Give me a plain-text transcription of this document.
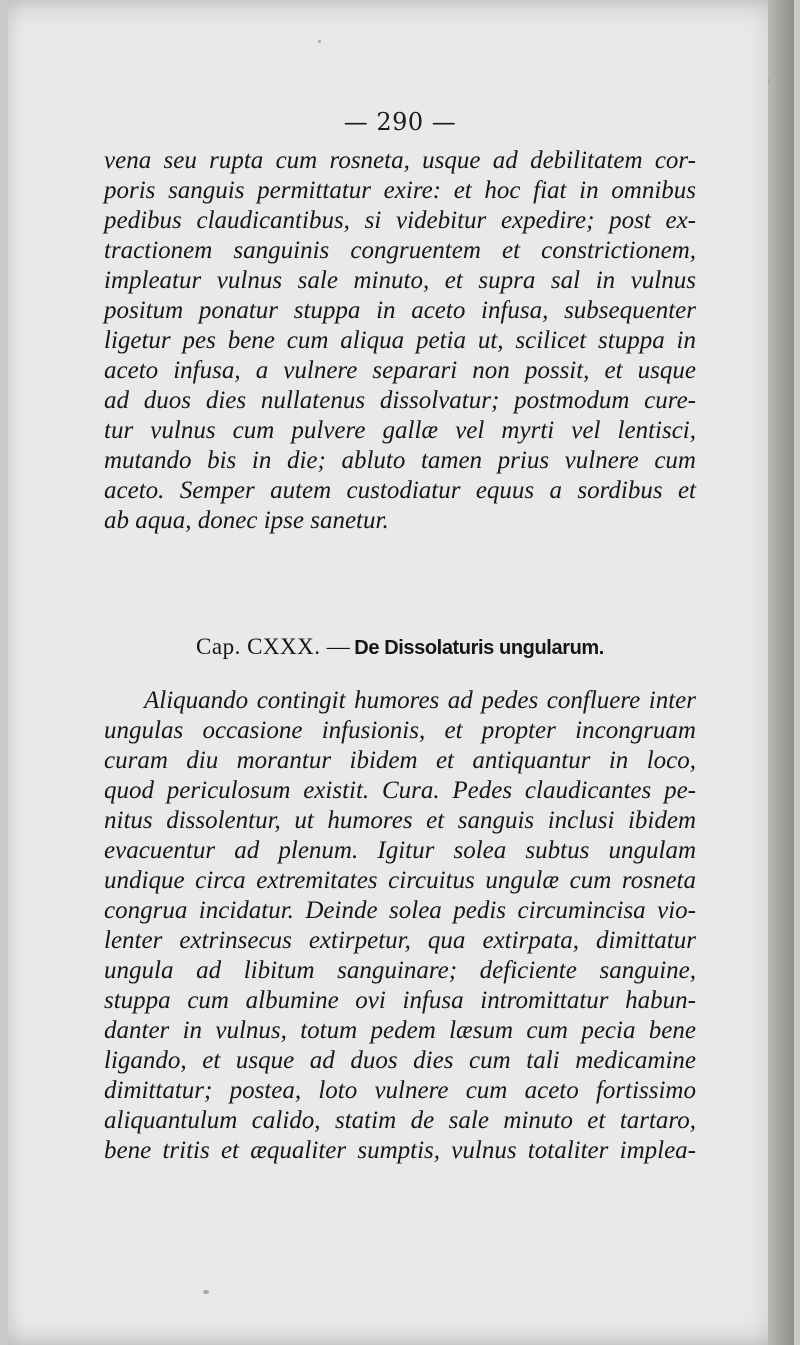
— 290 —
vena seu rupta cum rosneta, usque ad debilitatem cor-
poris sanguis permittatur exire: et hoc fiat in omnibus
pedibus claudicantibus, si videbitur expedire; post ex-
tractionem sanguinis congruentem et constrictionem,
impleatur vulnus sale minuto, et supra sal in vulnus
positum ponatur stuppa in aceto infusa, subsequenter
ligetur pes bene cum aliqua petia ut, scilicet stuppa in
aceto infusa, a vulnere separari non possit, et usque
ad duos dies nullatenus dissolvatur; postmodum cure-
tur vulnus cum pulvere gallæ vel myrti vel lentisci,
mutando bis in die; abluto tamen prius vulnere cum
aceto. Semper autem custodiatur equus a sordibus et
ab aqua, donec ipse sanetur.
Cap. CXXX. — De Dissolaturis ungularum.
Aliquando contingit humores ad pedes confluere inter
ungulas occasione infusionis, et propter incongruam
curam diu morantur ibidem et antiquantur in loco,
quod periculosum existit. Cura. Pedes claudicantes pe-
nitus dissolentur, ut humores et sanguis inclusi ibidem
evacuentur ad plenum. Igitur solea subtus ungulam
undique circa extremitates circuitus ungulæ cum rosneta
congrua incidatur. Deinde solea pedis circumincisa vio-
lenter extrinsecus extirpetur, qua extirpata, dimittatur
ungula ad libitum sanguinare; deficiente sanguine,
stuppa cum albumine ovi infusa intromittatur habun-
danter in vulnus, totum pedem læsum cum pecia bene
ligando, et usque ad duos dies cum tali medicamine
dimittatur; postea, loto vulnere cum aceto fortissimo
aliquantulum calido, statim de sale minuto et tartaro,
bene tritis et æqualiter sumptis, vulnus totaliter implea-
